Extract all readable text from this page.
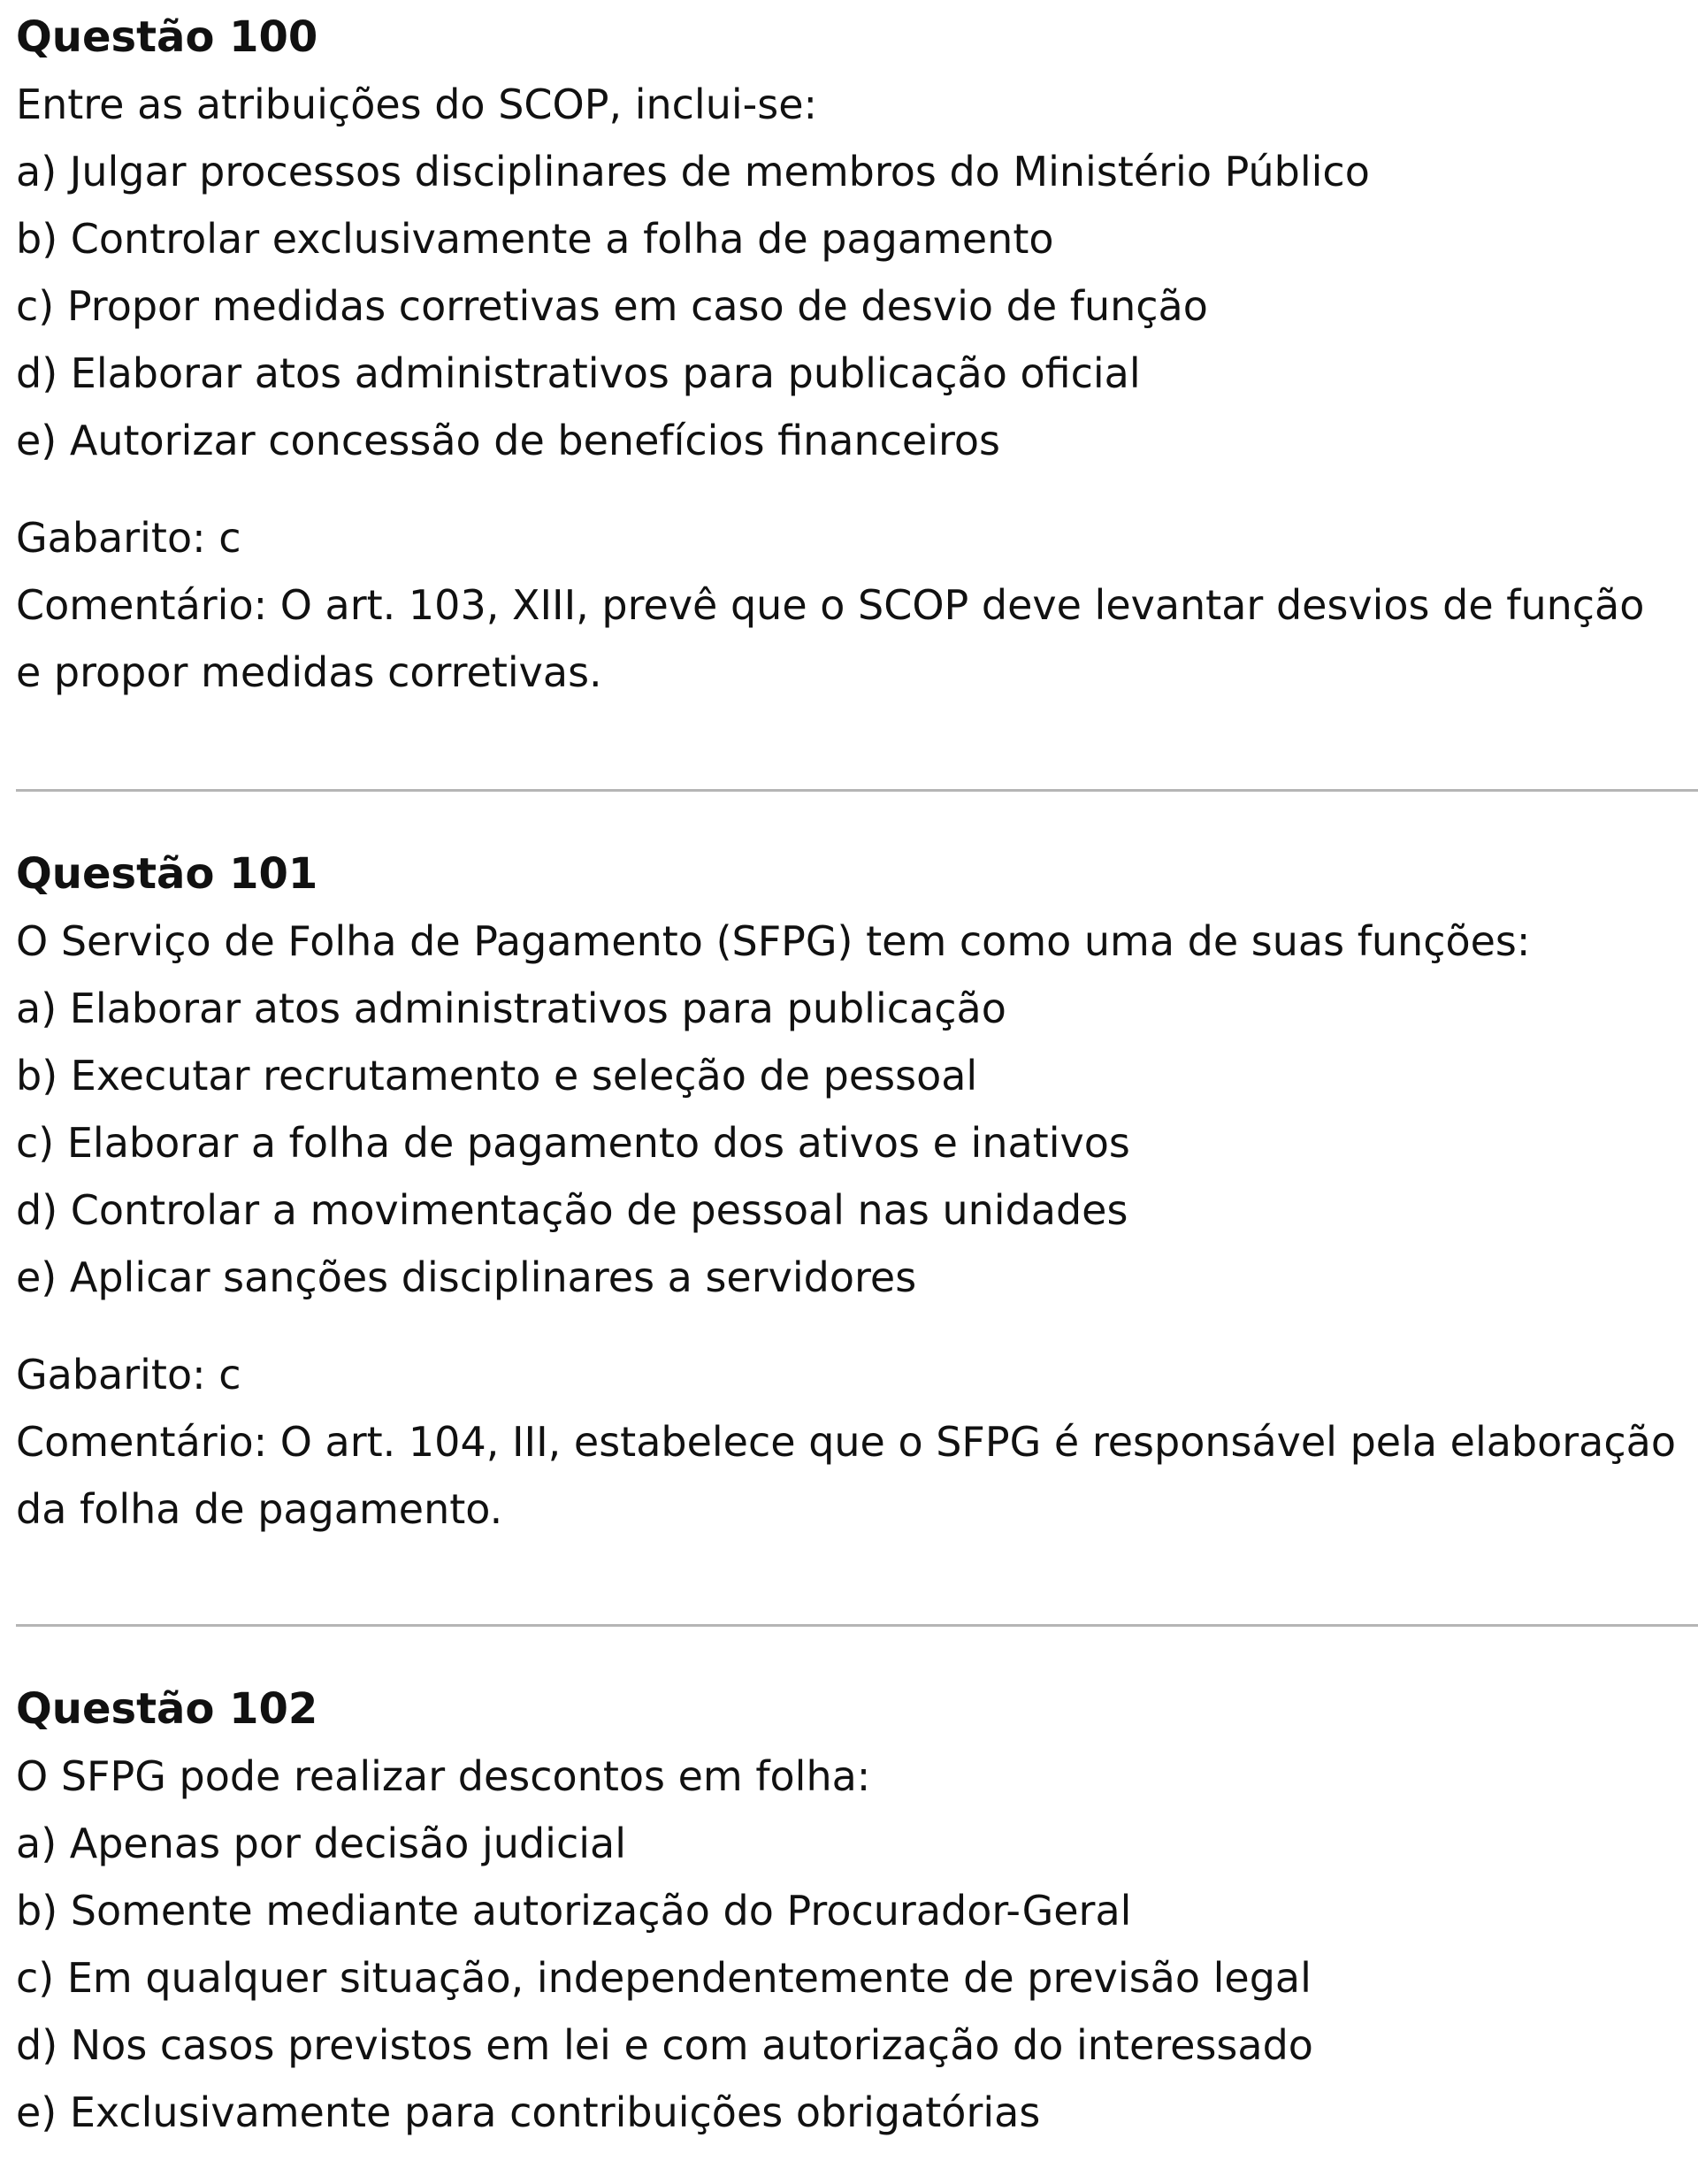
Questão 100
Entre as atribuições do SCOP, inclui-se:
a) Julgar processos disciplinares de membros do Ministério Público
b) Controlar exclusivamente a folha de pagamento
c) Propor medidas corretivas em caso de desvio de função
d) Elaborar atos administrativos para publicação oficial
e) Autorizar concessão de benefícios financeiros
Gabarito: c
Comentário: O art. 103, XIII, prevê que o SCOP deve levantar desvios de função e propor medidas corretivas.
Questão 101
O Serviço de Folha de Pagamento (SFPG) tem como uma de suas funções:
a) Elaborar atos administrativos para publicação
b) Executar recrutamento e seleção de pessoal
c) Elaborar a folha de pagamento dos ativos e inativos
d) Controlar a movimentação de pessoal nas unidades
e) Aplicar sanções disciplinares a servidores
Gabarito: c
Comentário: O art. 104, III, estabelece que o SFPG é responsável pela elaboração da folha de pagamento.
Questão 102
O SFPG pode realizar descontos em folha:
a) Apenas por decisão judicial
b) Somente mediante autorização do Procurador-Geral
c) Em qualquer situação, independentemente de previsão legal
d) Nos casos previstos em lei e com autorização do interessado
e) Exclusivamente para contribuições obrigatórias
